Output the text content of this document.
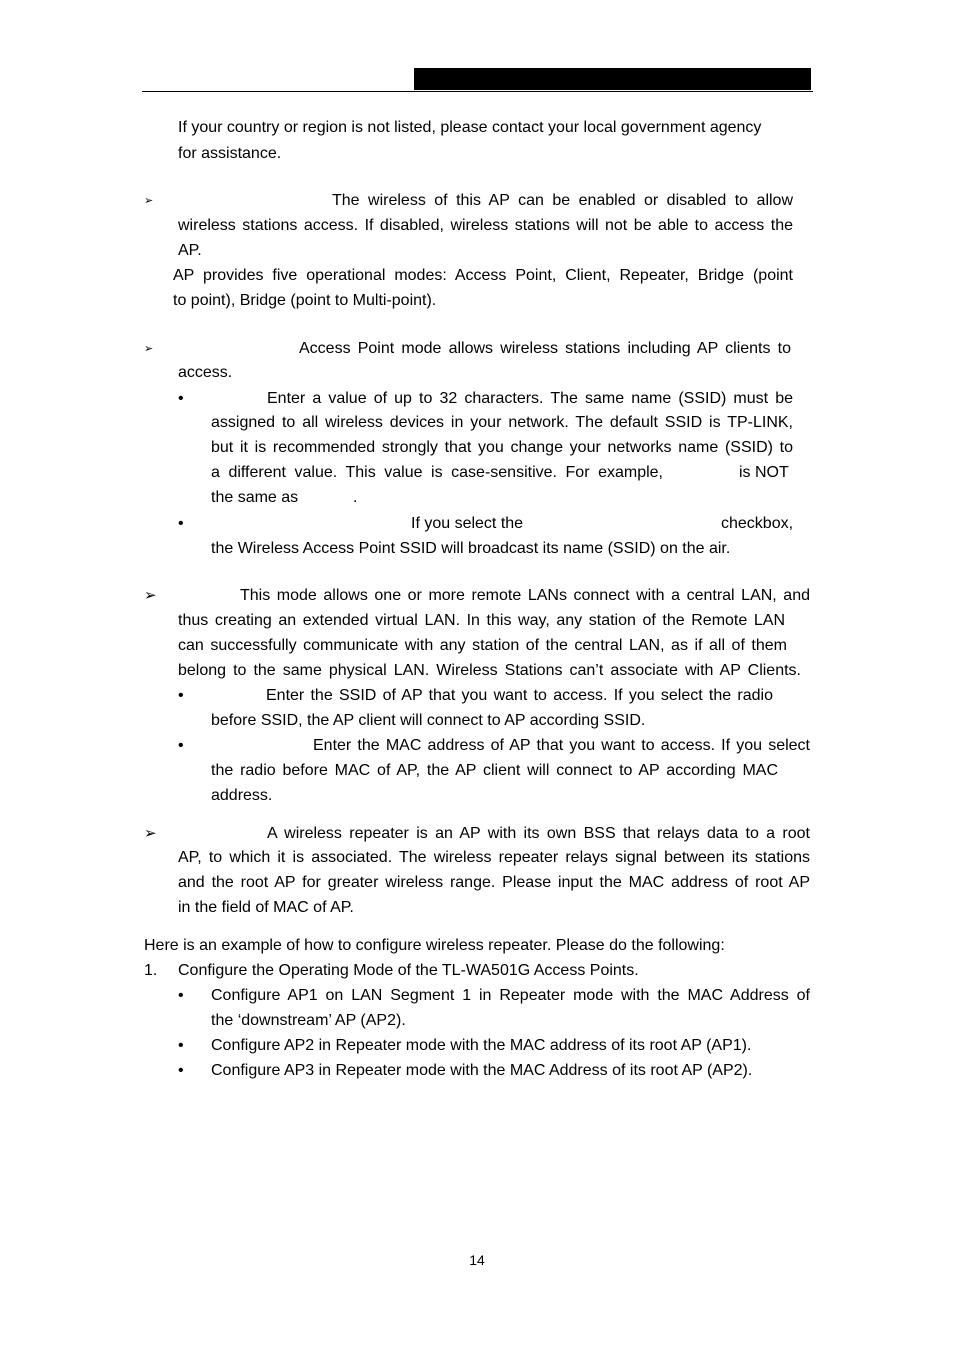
If your country or region is not listed, please contact your local government agency
for assistance.
➢	The wireless of this AP can be enabled or disabled to allow
wireless stations access. If disabled, wireless stations will not be able to access the
AP.
AP provides five operational modes: Access Point, Client, Repeater, Bridge (point
to point), Bridge (point to Multi-point).
➢	Access Point mode allows wireless stations including AP clients to
access.
•	Enter a value of up to 32 characters. The same name (SSID) must be
assigned to all wireless devices in your network. The default SSID is TP-LINK,
but it is recommended strongly that you change your networks name (SSID) to
a different value. This value is case-sensitive. For example,	is NOT
the same as	.
•	If you select the	checkbox,
the Wireless Access Point SSID will broadcast its name (SSID) on the air.
➢	This mode allows one or more remote LANs connect with a central LAN, and
thus creating an extended virtual LAN. In this way, any station of the Remote LAN
can successfully communicate with any station of the central LAN, as if all of them
belong to the same physical LAN. Wireless Stations can’t associate with AP Clients.
•	Enter the SSID of AP that you want to access. If you select the radio
before SSID, the AP client will connect to AP according SSID.
•	Enter the MAC address of AP that you want to access. If you select
the radio before MAC of AP, the AP client will connect to AP according MAC
address.
➢	A wireless repeater is an AP with its own BSS that relays data to a root
AP, to which it is associated. The wireless repeater relays signal between its stations
and the root AP for greater wireless range. Please input the MAC address of root AP
in the field of MAC of AP.
Here is an example of how to configure wireless repeater. Please do the following:
1. Configure the Operating Mode of the TL-WA501G Access Points.
• Configure AP1 on LAN Segment 1 in Repeater mode with the MAC Address of
the ‘downstream’ AP (AP2).
• Configure AP2 in Repeater mode with the MAC address of its root AP (AP1).
• Configure AP3 in Repeater mode with the MAC Address of its root AP (AP2).
14
